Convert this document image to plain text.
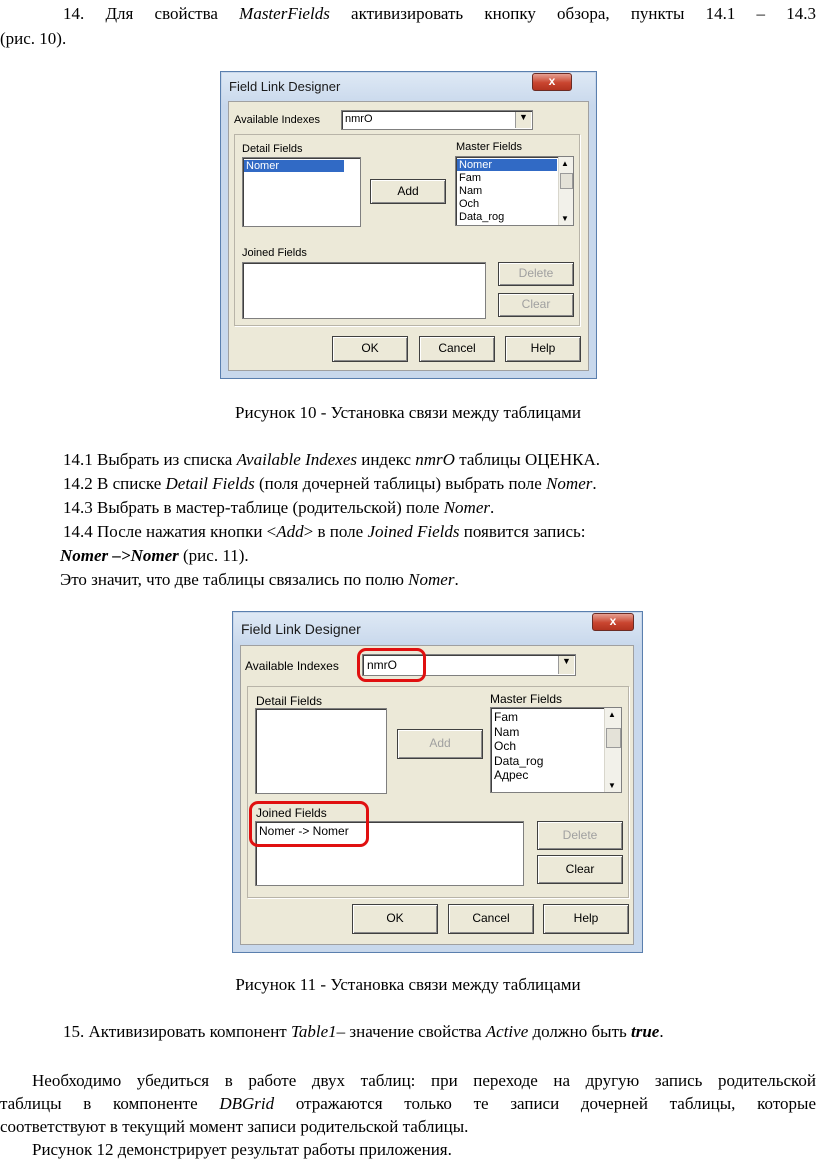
14. Для свойства MasterFields активизировать кнопку обзора, пункты 14.1 – 14.3
(рис. 10).
Field Link Designer	x
Available Indexes nmrO	▼
Detail Fields
Nomer
Add
Master Fields
Nomer
Fam
Nam
Och
Data_rog
▲
▼
Joined Fields
Delete
Clear
OK	Cancel	Help
Рисунок 10 - Установка связи между таблицами
14.1 Выбрать из списка Available Indexes индекс nmrO таблицы ОЦЕНКА.
14.2 В списке Detail Fields (поля дочерней таблицы) выбрать поле Nomer.
14.3 Выбрать в мастер-таблице (родительской) поле Nomer.
14.4 После нажатия кнопки <Add> в поле Joined Fields появится запись:
Nomer –>Nomer (рис. 11).
Это значит, что две таблицы связались по полю Nomer.
Field Link Designer	x
Available Indexes nmrO	▼
Detail Fields
Add
Master Fields
Fam
Nam
Och
Data_rog
Адрес
▲
▼
Joined Fields
Nomer -> Nomer	Delete
Clear
OK	Cancel	Help
Рисунок 11 - Установка связи между таблицами
15. Активизировать компонент Table1– значение свойства Active должно быть true.
Необходимо убедиться в работе двух таблиц: при переходе на другую запись родительской
таблицы в компоненте DBGrid отражаются только те записи дочерней таблицы, которые
соответствуют в текущий момент записи родительской таблицы.
Рисунок 12 демонстрирует результат работы приложения.
